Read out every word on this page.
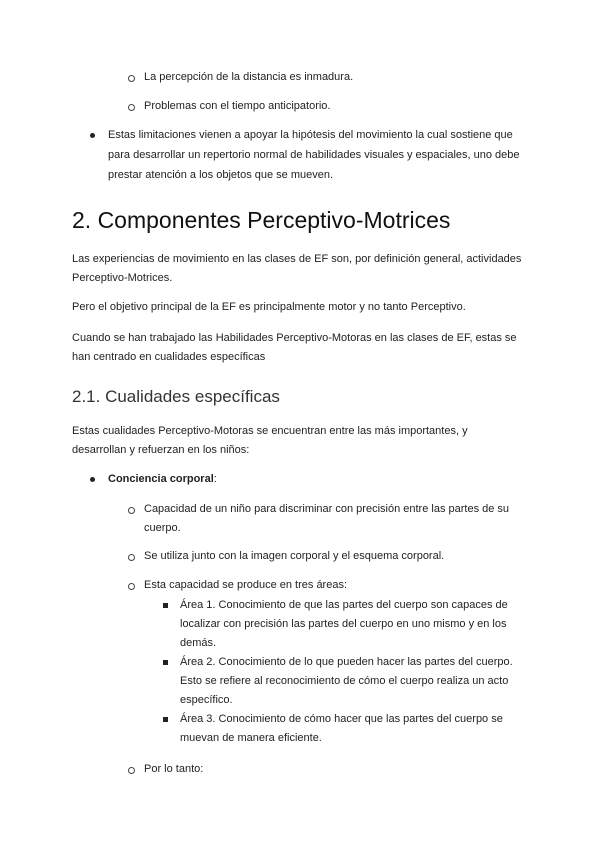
La percepción de la distancia es inmadura.
Problemas con el tiempo anticipatorio.
Estas limitaciones vienen a apoyar la hipótesis del movimiento la cual sostiene que
para desarrollar un repertorio normal de habilidades visuales y espaciales, uno debe
prestar atención a los objetos que se mueven.
2. Componentes Perceptivo-Motrices
Las experiencias de movimiento en las clases de EF son, por definición general, actividades
Perceptivo-Motrices.
Pero el objetivo principal de la EF es principalmente motor y no tanto Perceptivo.
Cuando se han trabajado las Habilidades Perceptivo-Motoras en las clases de EF, estas se
han centrado en cualidades específicas
2.1. Cualidades específicas
Estas cualidades Perceptivo-Motoras se encuentran entre las más importantes, y
desarrollan y refuerzan en los niños:
Conciencia corporal:
Capacidad de un niño para discriminar con precisión entre las partes de su
cuerpo.
Se utiliza junto con la imagen corporal y el esquema corporal.
Esta capacidad se produce en tres áreas:
Área 1. Conocimiento de que las partes del cuerpo son capaces de
localizar con precisión las partes del cuerpo en uno mismo y en los
demás.
Área 2. Conocimiento de lo que pueden hacer las partes del cuerpo.
Esto se refiere al reconocimiento de cómo el cuerpo realiza un acto
específico.
Área 3. Conocimiento de cómo hacer que las partes del cuerpo se
muevan de manera eficiente.
Por lo tanto:
